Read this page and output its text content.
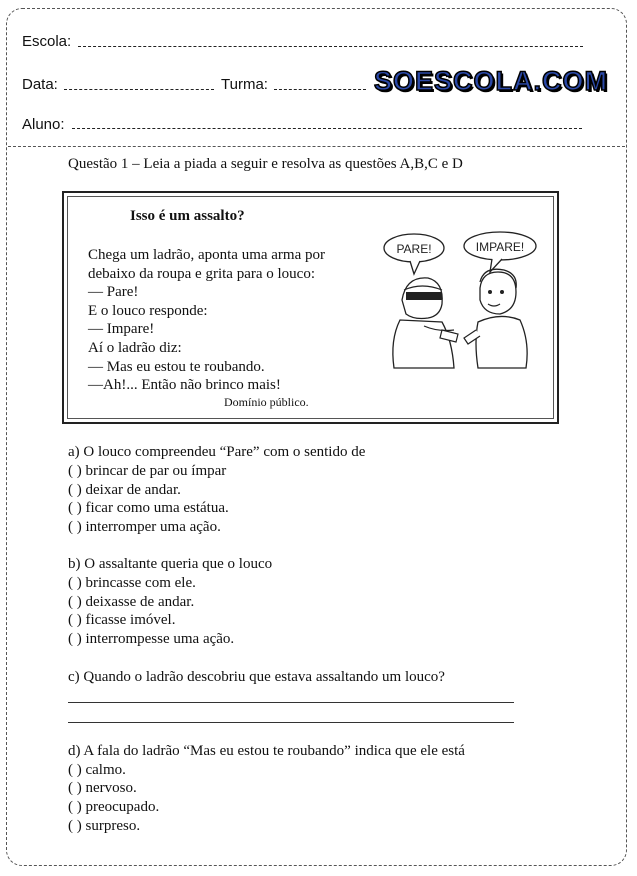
Escola:
Data:	Turma:	SOESCOLA.COM
Aluno:
Questão 1 – Leia a piada a seguir e resolva as questões A,B,C e D
Isso é um assalto?
Chega um ladrão, aponta uma arma por
debaixo da roupa e grita para o louco:
— Pare!
E o louco responde:
— Impare!
Aí o ladrão diz:
— Mas eu estou te roubando.
—Ah!... Então não brinco mais!
Domínio público.
PARE!	IMPARE!
a) O louco compreendeu “Pare” com o sentido de
( ) brincar de par ou ímpar
( ) deixar de andar.
( ) ficar como uma estátua.
( ) interromper uma ação.
b) O assaltante queria que o louco
( ) brincasse com ele.
( ) deixasse de andar.
( ) ficasse imóvel.
( ) interrompesse uma ação.
c) Quando o ladrão descobriu que estava assaltando um louco?
d) A fala do ladrão “Mas eu estou te roubando” indica que ele está
( ) calmo.
( ) nervoso.
( ) preocupado.
( ) surpreso.
